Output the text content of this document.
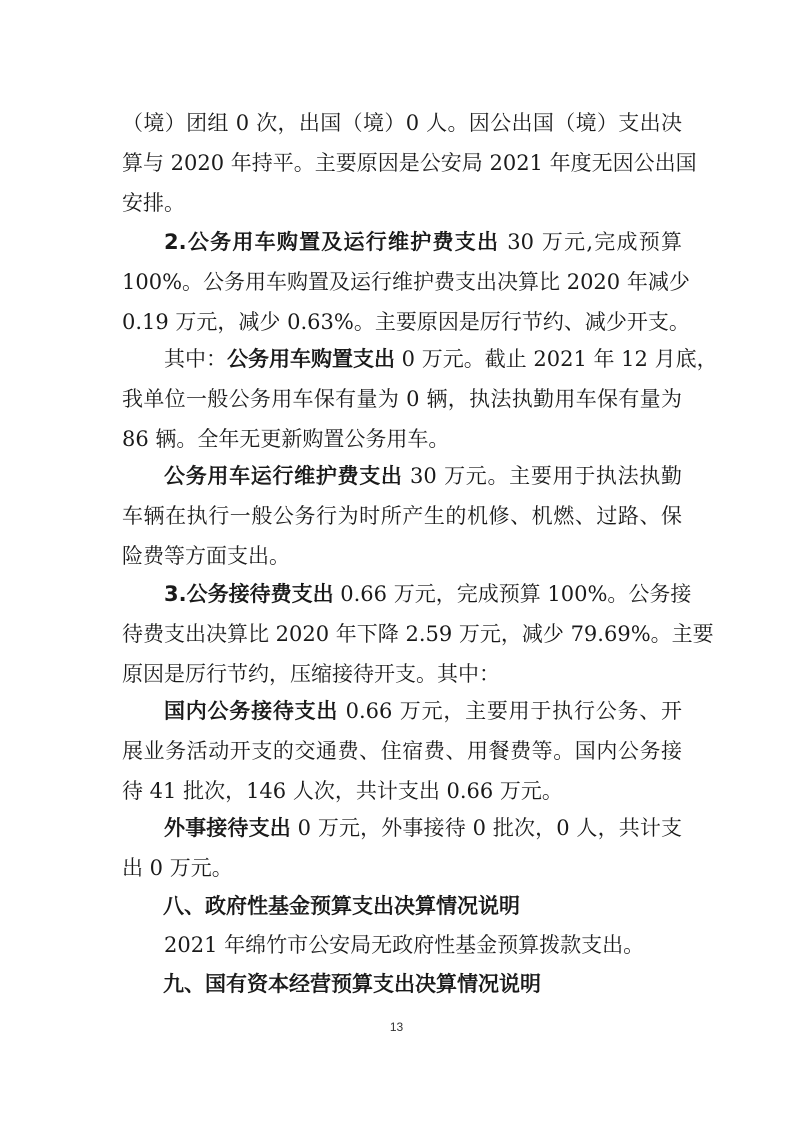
（境）团组 0 次，出国（境）0 人。因公出国（境）支出决
算与 2020 年持平。主要原因是公安局 2021 年度无因公出国
安排。
2.公务用车购置及运行维护费支出 30 万元,完成预算
100%。公务用车购置及运行维护费支出决算比 2020 年减少
0.19 万元，减少 0.63%。主要原因是厉行节约、减少开支。
其中：公务用车购置支出 0 万元。截止 2021 年 12 月底，
我单位一般公务用车保有量为 0 辆，执法执勤用车保有量为
86 辆。全年无更新购置公务用车。
公务用车运行维护费支出 30 万元。主要用于执法执勤
车辆在执行一般公务行为时所产生的机修、机燃、过路、保
险费等方面支出。
3.公务接待费支出 0.66 万元，完成预算 100%。公务接
待费支出决算比 2020 年下降 2.59 万元，减少 79.69%。主要
原因是厉行节约，压缩接待开支。其中：
国内公务接待支出 0.66 万元，主要用于执行公务、开
展业务活动开支的交通费、住宿费、用餐费等。国内公务接
待 41 批次，146 人次，共计支出 0.66 万元。
外事接待支出 0 万元，外事接待 0 批次，0 人，共计支
出 0 万元。
八、政府性基金预算支出决算情况说明
2021 年绵竹市公安局无政府性基金预算拨款支出。
九、国有资本经营预算支出决算情况说明
13
